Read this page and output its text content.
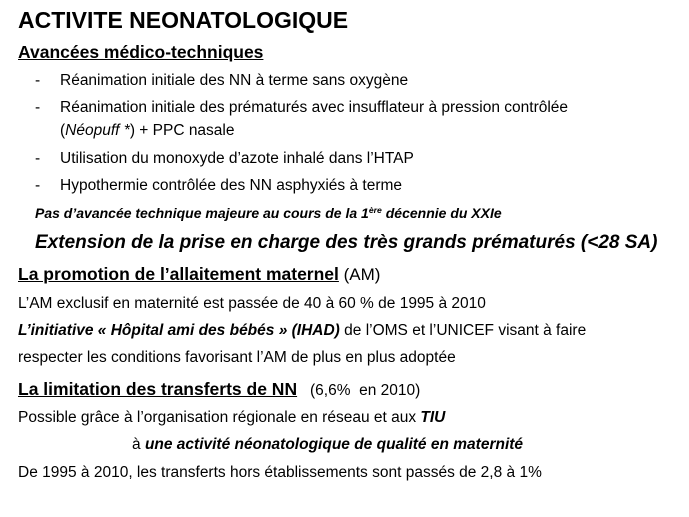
ACTIVITE NEONATOLOGIQUE
Avancées médico-techniques
- Réanimation initiale des NN à terme sans oxygène
- Réanimation initiale des prématurés avec insufflateur à pression contrôlée
(Néopuff *) + PPC nasale
- Utilisation du monoxyde d’azote inhalé dans l’HTAP
- Hypothermie contrôlée des NN asphyxiés à terme
Pas d’avancée technique majeure au cours de la 1ère décennie du XXIe
Extension de la prise en charge des très grands prématurés (<28 SA)
La promotion de l’allaitement maternel (AM)
L’AM exclusif en maternité est passée de 40 à 60 % de 1995 à 2010
L’initiative « Hôpital ami des bébés » (IHAD) de l’OMS et l’UNICEF visant à faire
respecter les conditions favorisant l’AM de plus en plus adoptée
La limitation des transferts de NN   (6,6%  en 2010)
Possible grâce à l’organisation régionale en réseau et aux TIU
à une activité néonatologique de qualité en maternité
De 1995 à 2010, les transferts hors établissements sont passés de 2,8 à 1%
